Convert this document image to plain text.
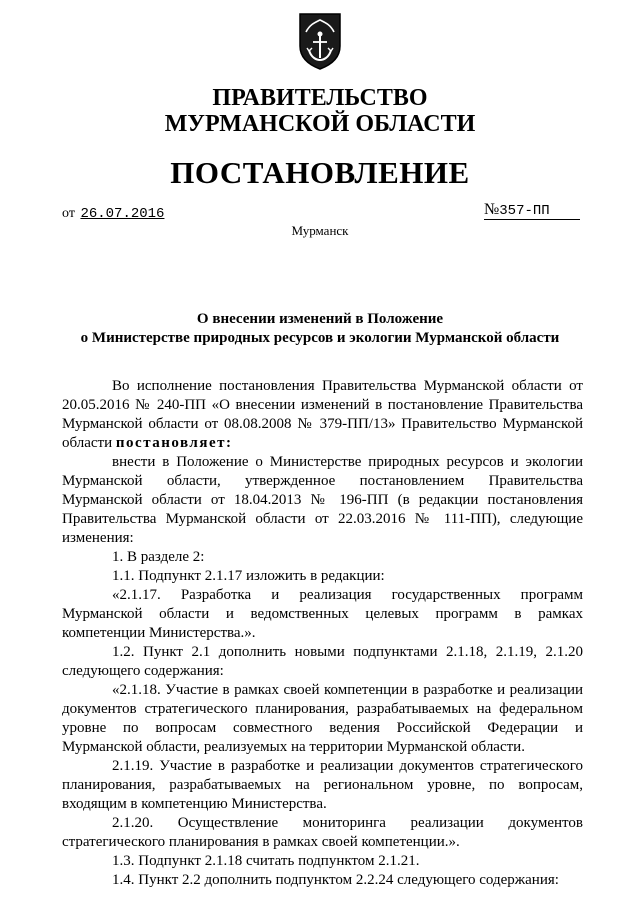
ПРАВИТЕЛЬСТВО
МУРМАНСКОЙ ОБЛАСТИ
ПОСТАНОВЛЕНИЕ
от 26.07.2016	№357-ПП
Мурманск
О внесении изменений в Положение
о Министерстве природных ресурсов и экологии Мурманской области
Во исполнение постановления Правительства Мурманской области от
20.05.2016 № 240-ПП «О внесении изменений в постановление Правительства
Мурманской области от 08.08.2008 № 379-ПП/13» Правительство Мурманской
области постановляет:
внести в Положение о Министерстве природных ресурсов и экологии
Мурманской области, утвержденное постановлением Правительства
Мурманской области от 18.04.2013 № 196-ПП (в редакции постановления
Правительства Мурманской области от 22.03.2016 № 111-ПП), следующие
изменения:
1. В разделе 2:
1.1. Подпункт 2.1.17 изложить в редакции:
«2.1.17. Разработка и реализация государственных программ
Мурманской области и ведомственных целевых программ в рамках
компетенции Министерства.».
1.2. Пункт 2.1 дополнить новыми подпунктами 2.1.18, 2.1.19, 2.1.20
следующего содержания:
«2.1.18. Участие в рамках своей компетенции в разработке и реализации
документов стратегического планирования, разрабатываемых на федеральном
уровне по вопросам совместного ведения Российской Федерации и
Мурманской области, реализуемых на территории Мурманской области.
2.1.19. Участие в разработке и реализации документов стратегического
планирования, разрабатываемых на региональном уровне, по вопросам,
входящим в компетенцию Министерства.
2.1.20. Осуществление мониторинга реализации документов
стратегического планирования в рамках своей компетенции.».
1.3. Подпункт 2.1.18 считать подпунктом 2.1.21.
1.4. Пункт 2.2 дополнить подпунктом 2.2.24 следующего содержания:
